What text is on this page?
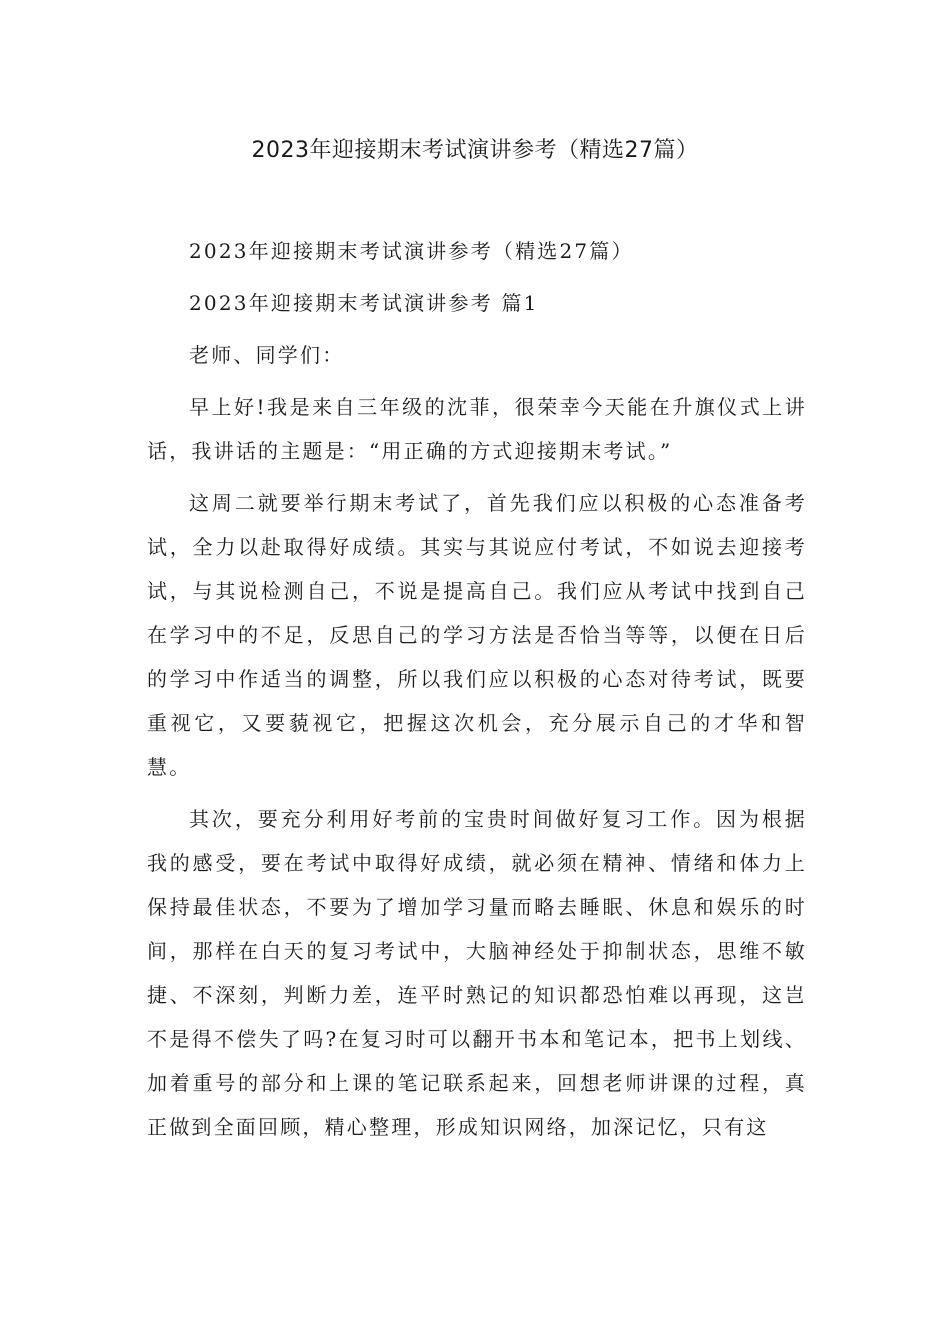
2023年迎接期末考试演讲参考（精选27篇）

2023年迎接期末考试演讲参考（精选27篇）

2023年迎接期末考试演讲参考 篇1

老师、同学们：

早上好!我是来自三年级的沈菲，很荣幸今天能在升旗仪式上讲话，我讲话的主题是：“用正确的方式迎接期末考试。”

这周二就要举行期末考试了，首先我们应以积极的心态准备考试，全力以赴取得好成绩。其实与其说应付考试，不如说去迎接考试，与其说检测自己，不说是提高自己。我们应从考试中找到自己在学习中的不足，反思自己的学习方法是否恰当等等，以便在日后的学习中作适当的调整，所以我们应以积极的心态对待考试，既要重视它，又要藐视它，把握这次机会，充分展示自己的才华和智慧。

其次，要充分利用好考前的宝贵时间做好复习工作。因为根据我的感受，要在考试中取得好成绩，就必须在精神、情绪和体力上保持最佳状态，不要为了增加学习量而略去睡眠、休息和娱乐的时间，那样在白天的复习考试中，大脑神经处于抑制状态，思维不敏捷、不深刻，判断力差，连平时熟记的知识都恐怕难以再现，这岂不是得不偿失了吗?在复习时可以翻开书本和笔记本，把书上划线、加着重号的部分和上课的笔记联系起来，回想老师讲课的过程，真正做到全面回顾，精心整理，形成知识网络，加深记忆，只有这
